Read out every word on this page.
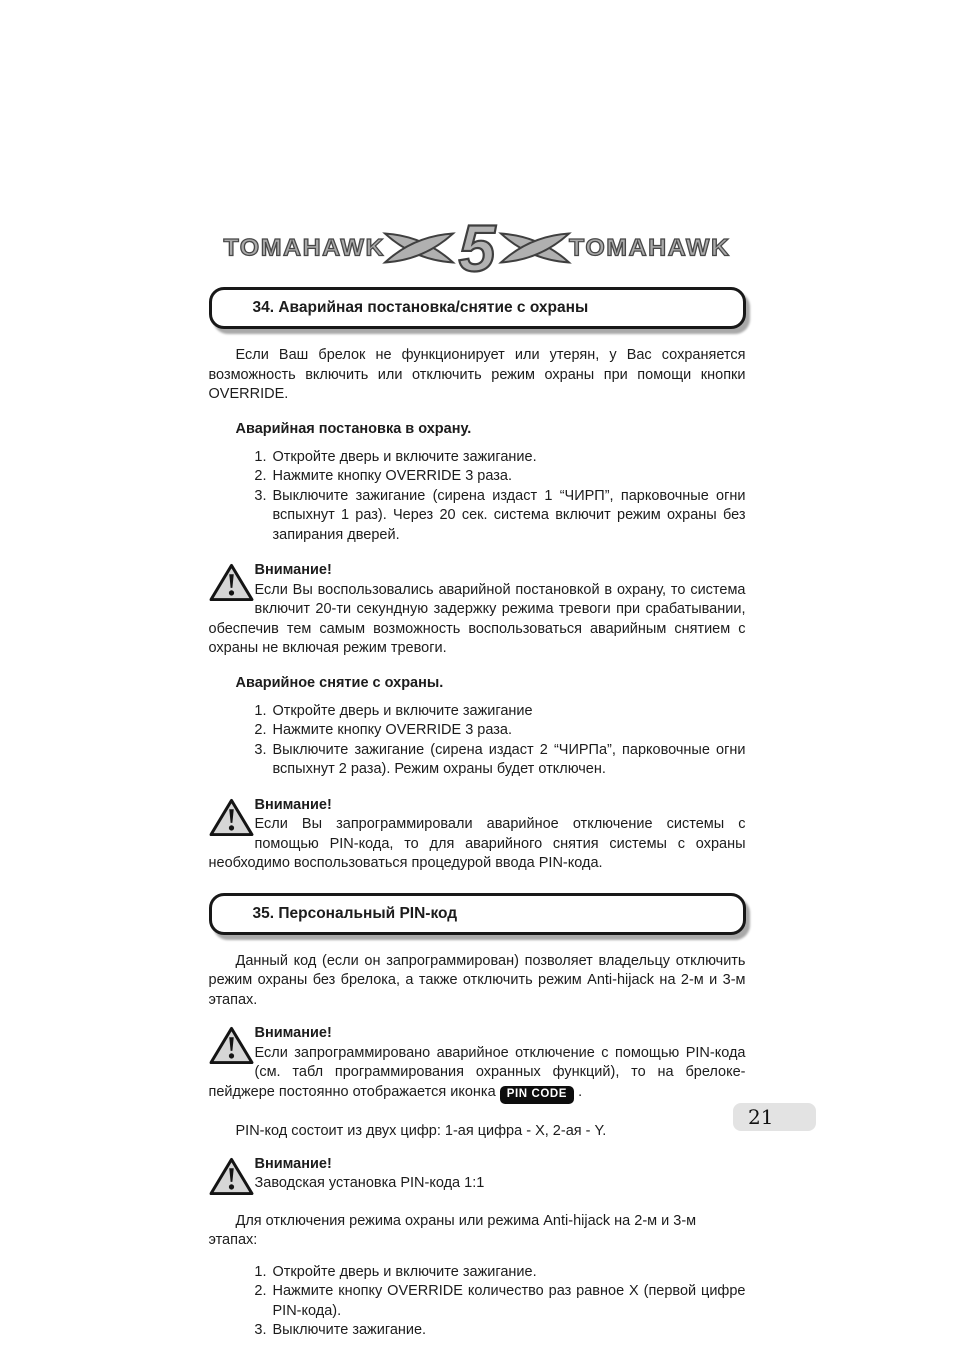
TOMAHAWK 5	TOMAHAWK
34. Аварийная постановка/снятие с охраны

Если Ваш брелок не функционирует или утерян, у Вас сохраняется возможность включить или отключить режим охраны при помощи кнопки OVERRIDE.

Аварийная постановка в охрану.
1. Откройте дверь и включите зажигание.
2. Нажмите кнопку OVERRIDE 3 раза.
3. Выключите зажигание (сирена издаст 1 “ЧИРП”, парковочные огни вспыхнут 1 раз). Через 20 сек. система включит режим охраны без запирания дверей.
Внимание!
Если Вы воспользовались аварийной постановкой в охрану, то система включит 20-ти секундную задержку режима тревоги при срабатывании, обеспечив тем самым возможность воспользоваться аварийным снятием с охраны не включая режим тревоги.
Аварийное снятие с охраны.
1. Откройте дверь и включите зажигание
2. Нажмите кнопку OVERRIDE 3 раза.
3. Выключите зажигание (сирена издаст 2 “ЧИРПа”, парковочные огни вспыхнут 2 раза). Режим охраны будет отключен.
Внимание!
Если Вы запрограммировали аварийное отключение системы с помощью PIN-кода, то для аварийного снятия системы с охраны необходимо воспользоваться процедурой ввода PIN-кода.
35. Персональный PIN-код

Данный код (если он запрограммирован) позволяет владельцу отключить режим охраны без брелока, а также отключить режим Anti-hijack на 2-м и 3-м этапах.

Внимание!
Если запрограммировано аварийное отключение с помощью PIN-кода (см. табл программирования охранных функций), то на брелоке-пейджере постоянно отображается иконка PIN CODE .

PIN-код состоит из двух цифр: 1-ая цифра - X, 2-ая - Y.

Внимание!
Заводская установка PIN-кода 1:1

Для отключения режима охраны или режима Anti-hijack на 2-м и 3-м этапах:

1. Откройте дверь и включите зажигание.
2. Нажмите кнопку OVERRIDE количество раз равное X (первой цифре PIN-кода).
3. Выключите зажигание.
21
